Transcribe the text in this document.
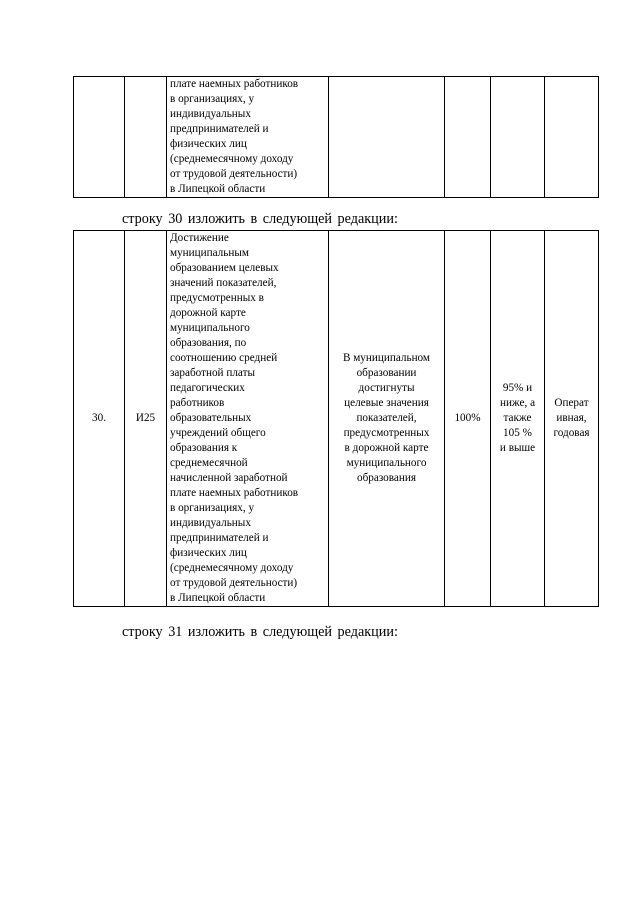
		плате наемных работников
в организациях, у
индивидуальных
предпринимателей и
физических лиц
(среднемесячному доходу
от трудовой деятельности)
в Липецкой области				
строку 30 изложить в следующей редакции:
30.	И25	Достижение
муниципальным
образованием целевых
значений показателей,
предусмотренных в
дорожной карте
муниципального
образования, по
соотношению средней
заработной платы
педагогических
работников
образовательных
учреждений общего
образования к
среднемесячной
начисленной заработной
плате наемных работников
в организациях, у
индивидуальных
предпринимателей и
физических лиц
(среднемесячному доходу
от трудовой деятельности)
в Липецкой области	В муниципальном
образовании
достигнуты
целевые значения
показателей,
предусмотренных
в дорожной карте
муниципального
образования	100%	95% и
ниже, а
также
105 %
и выше	Операт
ивная,
годовая
строку 31 изложить в следующей редакции:
